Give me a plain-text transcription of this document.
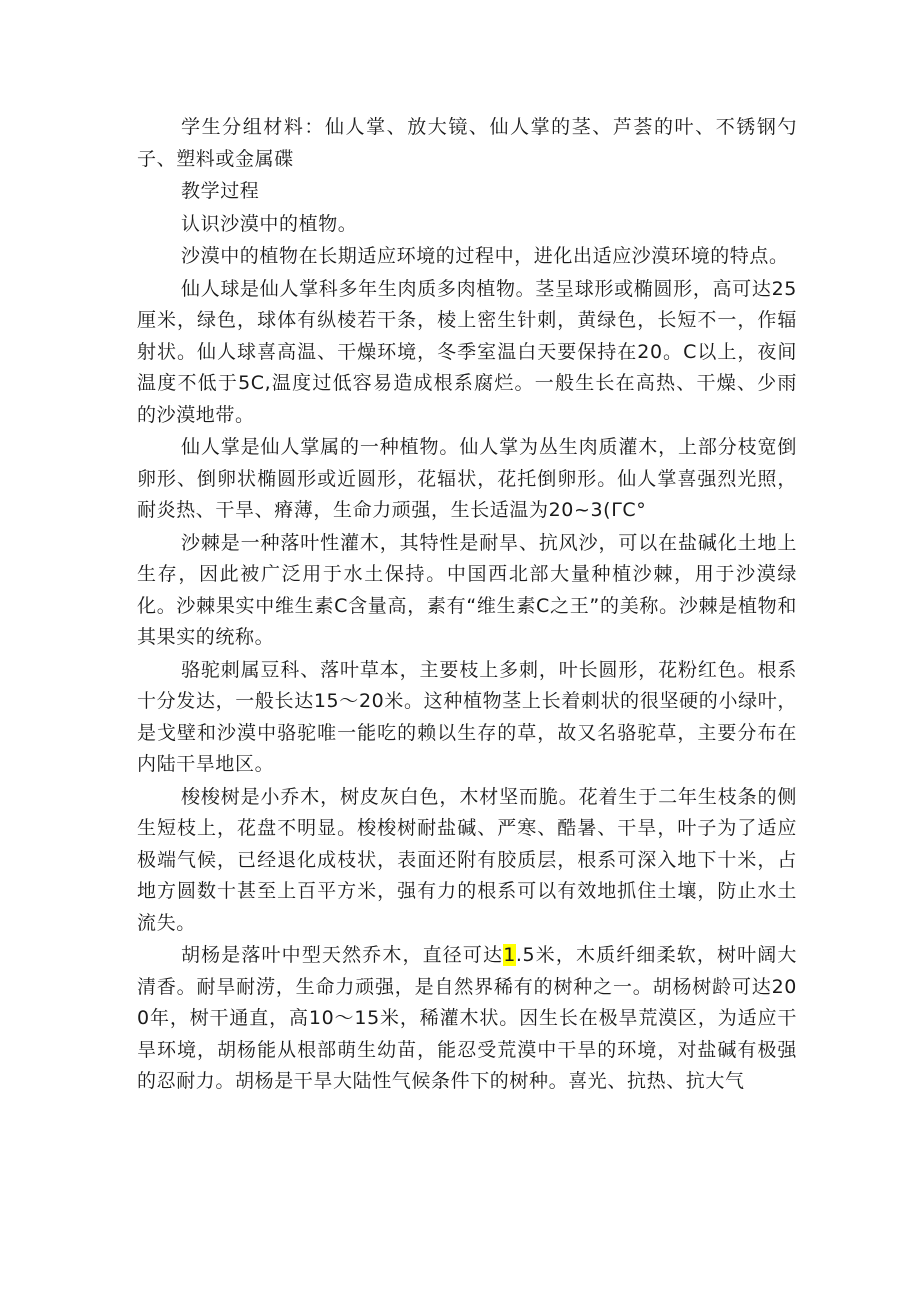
学生分组材料：仙人掌、放大镜、仙人掌的茎、芦荟的叶、不锈钢勺子、塑料或金属碟

教学过程

认识沙漠中的植物。

沙漠中的植物在长期适应环境的过程中，进化出适应沙漠环境的特点。

仙人球是仙人掌科多年生肉质多肉植物。茎呈球形或椭圆形，高可达25厘米，绿色，球体有纵棱若干条，棱上密生针刺，黄绿色，长短不一，作辐射状。仙人球喜高温、干燥环境，冬季室温白天要保持在20。C以上，夜间温度不低于5C,温度过低容易造成根系腐烂。一般生长在高热、干燥、少雨的沙漠地带。

仙人掌是仙人掌属的一种植物。仙人掌为丛生肉质灌木，上部分枝宽倒卵形、倒卵状椭圆形或近圆形，花辐状，花托倒卵形。仙人掌喜强烈光照，耐炎热、干旱、瘠薄，生命力顽强，生长适温为20~3(ΓC°

沙棘是一种落叶性灌木，其特性是耐旱、抗风沙，可以在盐碱化土地上生存，因此被广泛用于水土保持。中国西北部大量种植沙棘，用于沙漠绿化。沙棘果实中维生素C含量高，素有“维生素C之王”的美称。沙棘是植物和其果实的统称。

骆驼刺属豆科、落叶草本，主要枝上多刺，叶长圆形，花粉红色。根系十分发达，一般长达15～20米。这种植物茎上长着刺状的很坚硬的小绿叶，是戈壁和沙漠中骆驼唯一能吃的赖以生存的草，故又名骆驼草，主要分布在内陆干旱地区。

梭梭树是小乔木，树皮灰白色，木材坚而脆。花着生于二年生枝条的侧生短枝上，花盘不明显。梭梭树耐盐碱、严寒、酷暑、干旱，叶子为了适应极端气候，已经退化成枝状，表面还附有胶质层，根系可深入地下十米，占地方圆数十甚至上百平方米，强有力的根系可以有效地抓住土壤，防止水土流失。

胡杨是落叶中型天然乔木，直径可达1.5米，木质纤细柔软，树叶阔大清香。耐旱耐涝，生命力顽强，是自然界稀有的树种之一。胡杨树龄可达200年，树干通直，高10～15米，稀灌木状。因生长在极旱荒漠区，为适应干旱环境，胡杨能从根部萌生幼苗，能忍受荒漠中干旱的环境，对盐碱有极强的忍耐力。胡杨是干旱大陆性气候条件下的树种。喜光、抗热、抗大气
